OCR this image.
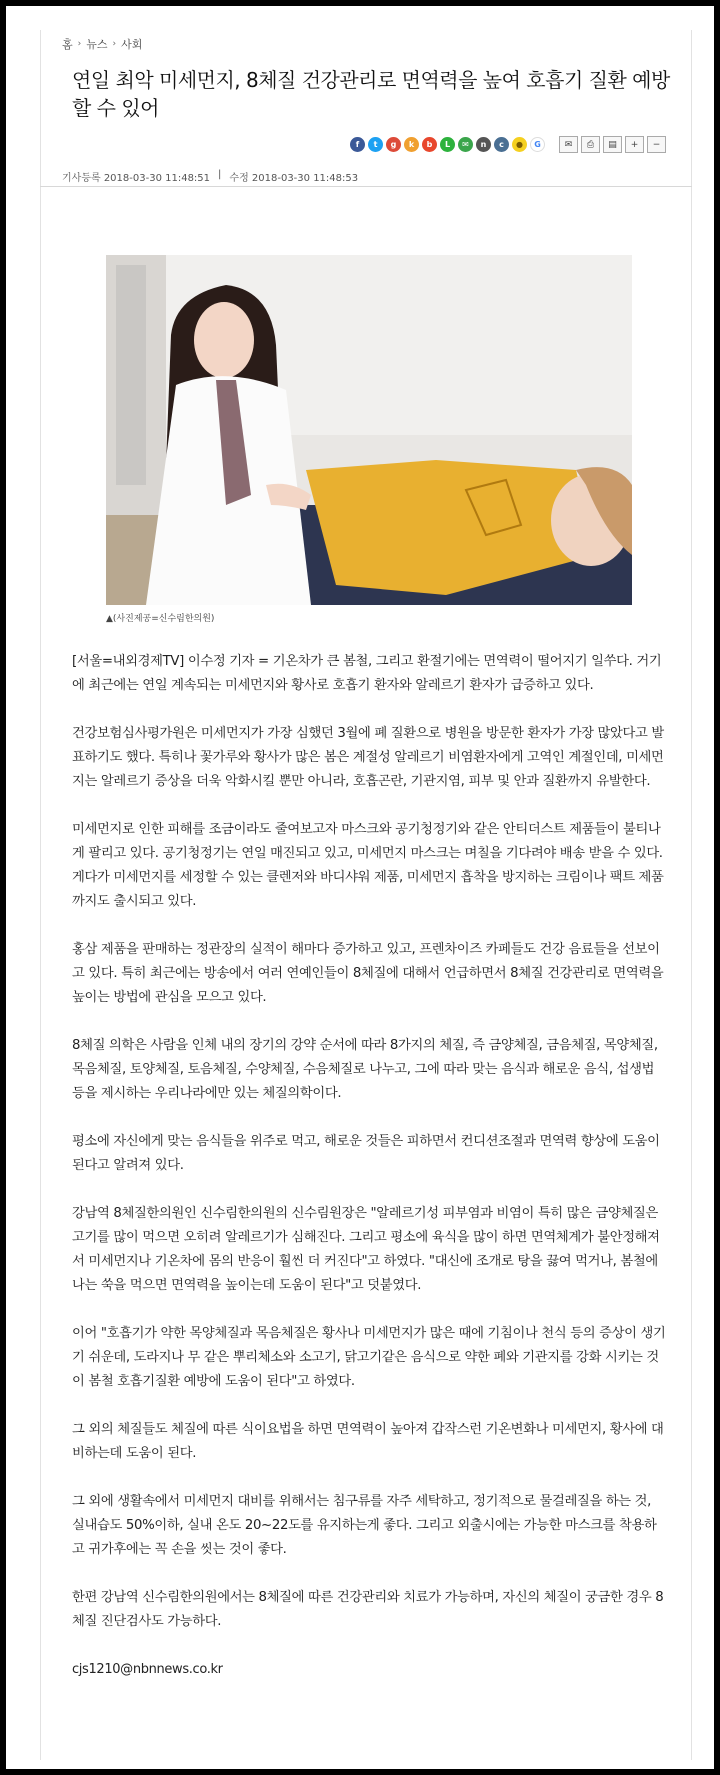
홈 › 뉴스 › 사회
연일 최악 미세먼지, 8체질 건강관리로 면역력을 높여 호흡기 질환 예방할 수 있어
f	t	g	k	b	L	✉	n	c	●	G	✉	⎙	▤	+	−
기사등록 2018-03-30 11:48:51 | 수정 2018-03-30 11:48:53
▲(사진제공=신수림한의원)

[서울=내외경제TV] 이수정 기자 = 기온차가 큰 봄철, 그리고 환절기에는 면역력이 떨어지기 일쑤다. 거기에 최근에는 연일 계속되는 미세먼지와 황사로 호흡기 환자와 알레르기 환자가 급증하고 있다.

건강보험심사평가원은 미세먼지가 가장 심했던 3월에 폐 질환으로 병원을 방문한 환자가 가장 많았다고 발표하기도 했다. 특히나 꽃가루와 황사가 많은 봄은 계절성 알레르기 비염환자에게 고역인 계절인데, 미세먼지는 알레르기 증상을 더욱 악화시킬 뿐만 아니라, 호흡곤란, 기관지염, 피부 및 안과 질환까지 유발한다.

미세먼지로 인한 피해를 조금이라도 줄여보고자 마스크와 공기청정기와 같은 안티더스트 제품들이 불티나게 팔리고 있다. 공기청정기는 연일 매진되고 있고, 미세먼지 마스크는 며칠을 기다려야 배송 받을 수 있다. 게다가 미세먼지를 세정할 수 있는 클렌저와 바디샤워 제품, 미세먼지 흡착을 방지하는 크림이나 팩트 제품까지도 출시되고 있다.

홍삼 제품을 판매하는 정관장의 실적이 해마다 증가하고 있고, 프렌차이즈 카페들도 건강 음료들을 선보이고 있다. 특히 최근에는 방송에서 여러 연예인들이 8체질에 대해서 언급하면서 8체질 건강관리로 면역력을 높이는 방법에 관심을 모으고 있다.

8체질 의학은 사람을 인체 내의 장기의 강약 순서에 따라 8가지의 체질, 즉 금양체질, 금음체질, 목양체질, 목음체질, 토양체질, 토음체질, 수양체질, 수음체질로 나누고, 그에 따라 맞는 음식과 해로운 음식, 섭생법 등을 제시하는 우리나라에만 있는 체질의학이다.

평소에 자신에게 맞는 음식들을 위주로 먹고, 해로운 것들은 피하면서 컨디션조절과 면역력 향상에 도움이 된다고 알려져 있다.

강남역 8체질한의원인 신수림한의원의 신수림원장은 "알레르기성 피부염과 비염이 특히 많은 금양체질은 고기를 많이 먹으면 오히려 알레르기가 심해진다. 그리고 평소에 육식을 많이 하면 면역체계가 불안정해져서 미세먼지나 기온차에 몸의 반응이 훨씬 더 커진다"고 하였다. "대신에 조개로 탕을 끓여 먹거나, 봄철에 나는 쑥을 먹으면 면역력을 높이는데 도움이 된다"고 덧붙였다.

이어 "호흡기가 약한 목양체질과 목음체질은 황사나 미세먼지가 많은 때에 기침이나 천식 등의 증상이 생기기 쉬운데, 도라지나 무 같은 뿌리체소와 소고기, 닭고기같은 음식으로 약한 폐와 기관지를 강화 시키는 것이 봄철 호흡기질환 예방에 도움이 된다"고 하였다.

그 외의 체질들도 체질에 따른 식이요법을 하면 면역력이 높아져 갑작스런 기온변화나 미세먼지, 황사에 대비하는데 도움이 된다.

그 외에 생활속에서 미세먼지 대비를 위해서는 침구류를 자주 세탁하고, 정기적으로 물걸레질을 하는 것, 실내습도 50%이하, 실내 온도 20~22도를 유지하는게 좋다. 그리고 외출시에는 가능한 마스크를 착용하고 귀가후에는 꼭 손을 씻는 것이 좋다.

한편 강남역 신수림한의원에서는 8체질에 따른 건강관리와 치료가 가능하며, 자신의 체질이 궁금한 경우 8체질 진단검사도 가능하다.

cjs1210@nbnnews.co.kr
